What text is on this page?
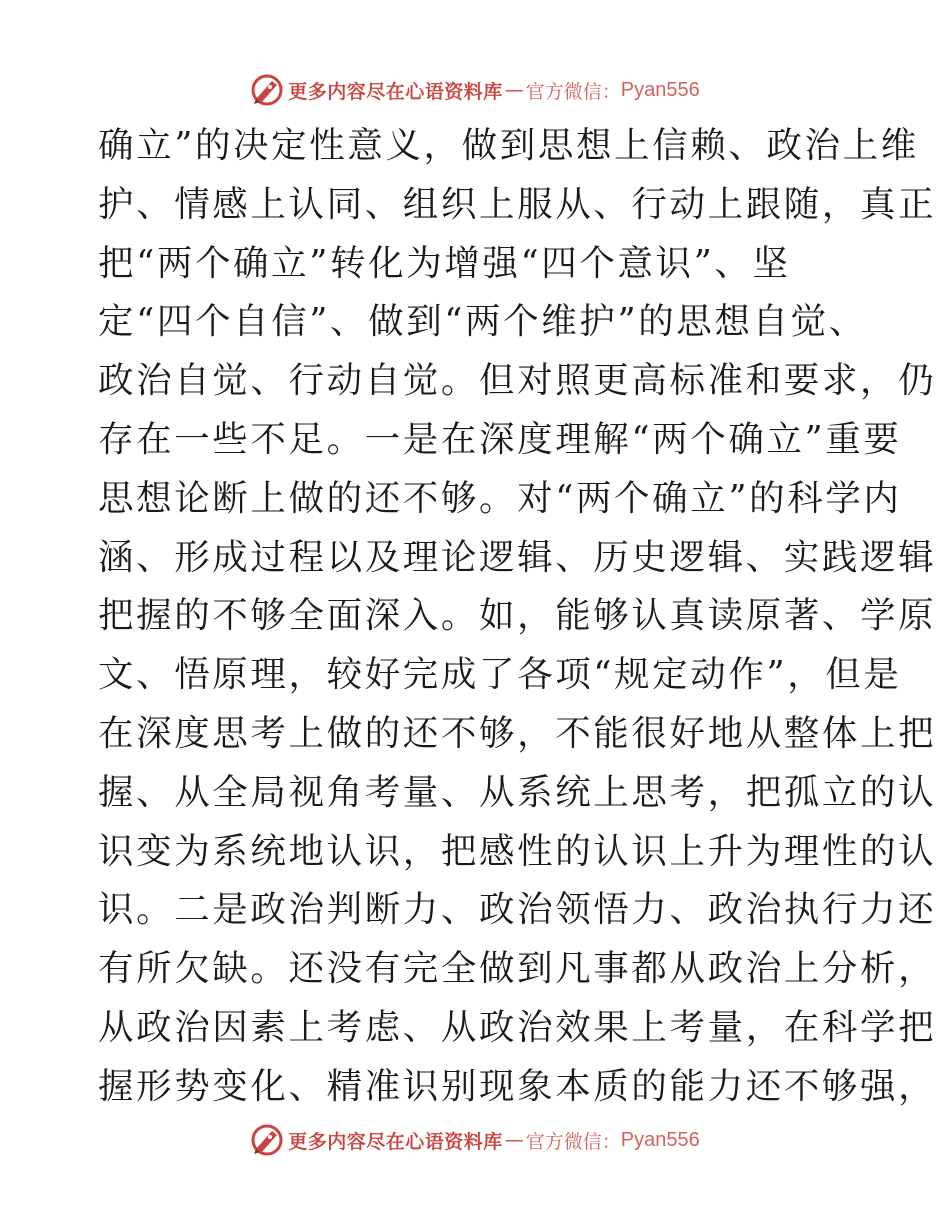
更多内容尽在心语资料库 — 官方微信： Pyan556
确立”的决定性意义，做到思想上信赖、政治上维
护、情感上认同、组织上服从、行动上跟随，真正
把“两个确立”转化为增强“四个意识”、坚
定“四个自信”、做到“两个维护”的思想自觉、
政治自觉、行动自觉。但对照更高标准和要求，仍
存在一些不足。一是在深度理解“两个确立”重要
思想论断上做的还不够。对“两个确立”的科学内
涵、形成过程以及理论逻辑、历史逻辑、实践逻辑
把握的不够全面深入。如，能够认真读原著、学原
文、悟原理，较好完成了各项“规定动作”，但是
在深度思考上做的还不够，不能很好地从整体上把
握、从全局视角考量、从系统上思考，把孤立的认
识变为系统地认识，把感性的认识上升为理性的认
识。二是政治判断力、政治领悟力、政治执行力还
有所欠缺。还没有完全做到凡事都从政治上分析，
从政治因素上考虑、从政治效果上考量，在科学把
握形势变化、精准识别现象本质的能力还不够强，
更多内容尽在心语资料库 — 官方微信： Pyan556
